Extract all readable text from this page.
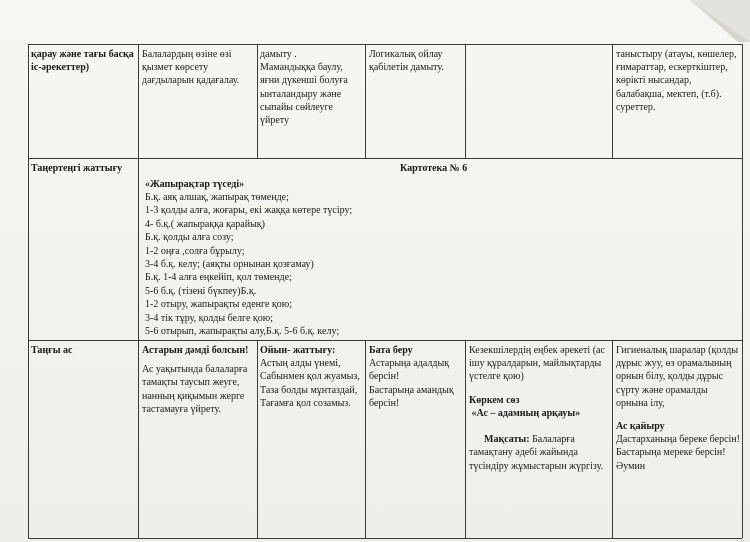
қарау және тағы басқа іс-әрекеттер)
Балалардың өзіне өзі қызмет көрсету дағдыларын қадағалау.
дамыту .
Мамандыққа баулу, яғни дүкенші болуға ынталандыру және сыпайы сөйлеуге үйрету
Логикалық ойлау қабілетін дамыту.
таныстыру (атауы, көшелер, ғимараттар, ескерткіштер, көрікті нысандар, балабақша, мектеп, (т.б).  суреттер.
Таңертеңгі жаттығу	Картотека № 6
«Жапырақтар түседі»
Б.қ. аяқ алшақ, жапырақ төменде;
1-3 қолды алға, жоғары, екі жаққа көтере түсіру;
4- б.қ.( жапыраққа қарайық)
Б.қ. қолды алға созу;
1-2 оңға ,солға бұрылу;
3-4 б.қ. келу; (аяқты орнынан қозғамау)
Б.қ. 1-4 алға еңкейіп, қол төменде;
5-6 б.қ. (тізені бүкпеу)Б.қ.
1-2 отыру, жапырақты еденге қою;
3-4 тік тұру, қолды белге қою;
5-6 отырып, жапырақты алу,Б.қ. 5-6 б.қ. келу;
Таңғы ас	Астарын дәмді болсын!
Ас уақытында балаларға тамақты таусып жеуге, нанның қиқымын жерге тастамауға үйрету.
Ойын- жаттығу:
Астың алды үнемі,
Сабынмен қол жуамыз,
Таза болды мұнтаздай,
Тағамға қол созамыз.
Бата беру
Астарыңа адалдық берсін!
Бастарыңа амандық берсін!
Кезекшілердің еңбек әрекеті (ас ішу құралдарын, майлықтарды  үстелге қою)
Көркем сөз
«Ас – адамның арқауы»

Мақсаты: Балаларға тамақтану әдебі жайында түсіндіру жұмыстарын жүргізу.

Гигиеналық шаралар (қолды дұрыс жуу, өз орамалының орнын білу, қолды дұрыс сүрту және орамалды орнына ілу,
Ас қайыру
Дастарханыңа береке берсін!
Бастарыңа мереке берсін!
Әумин
